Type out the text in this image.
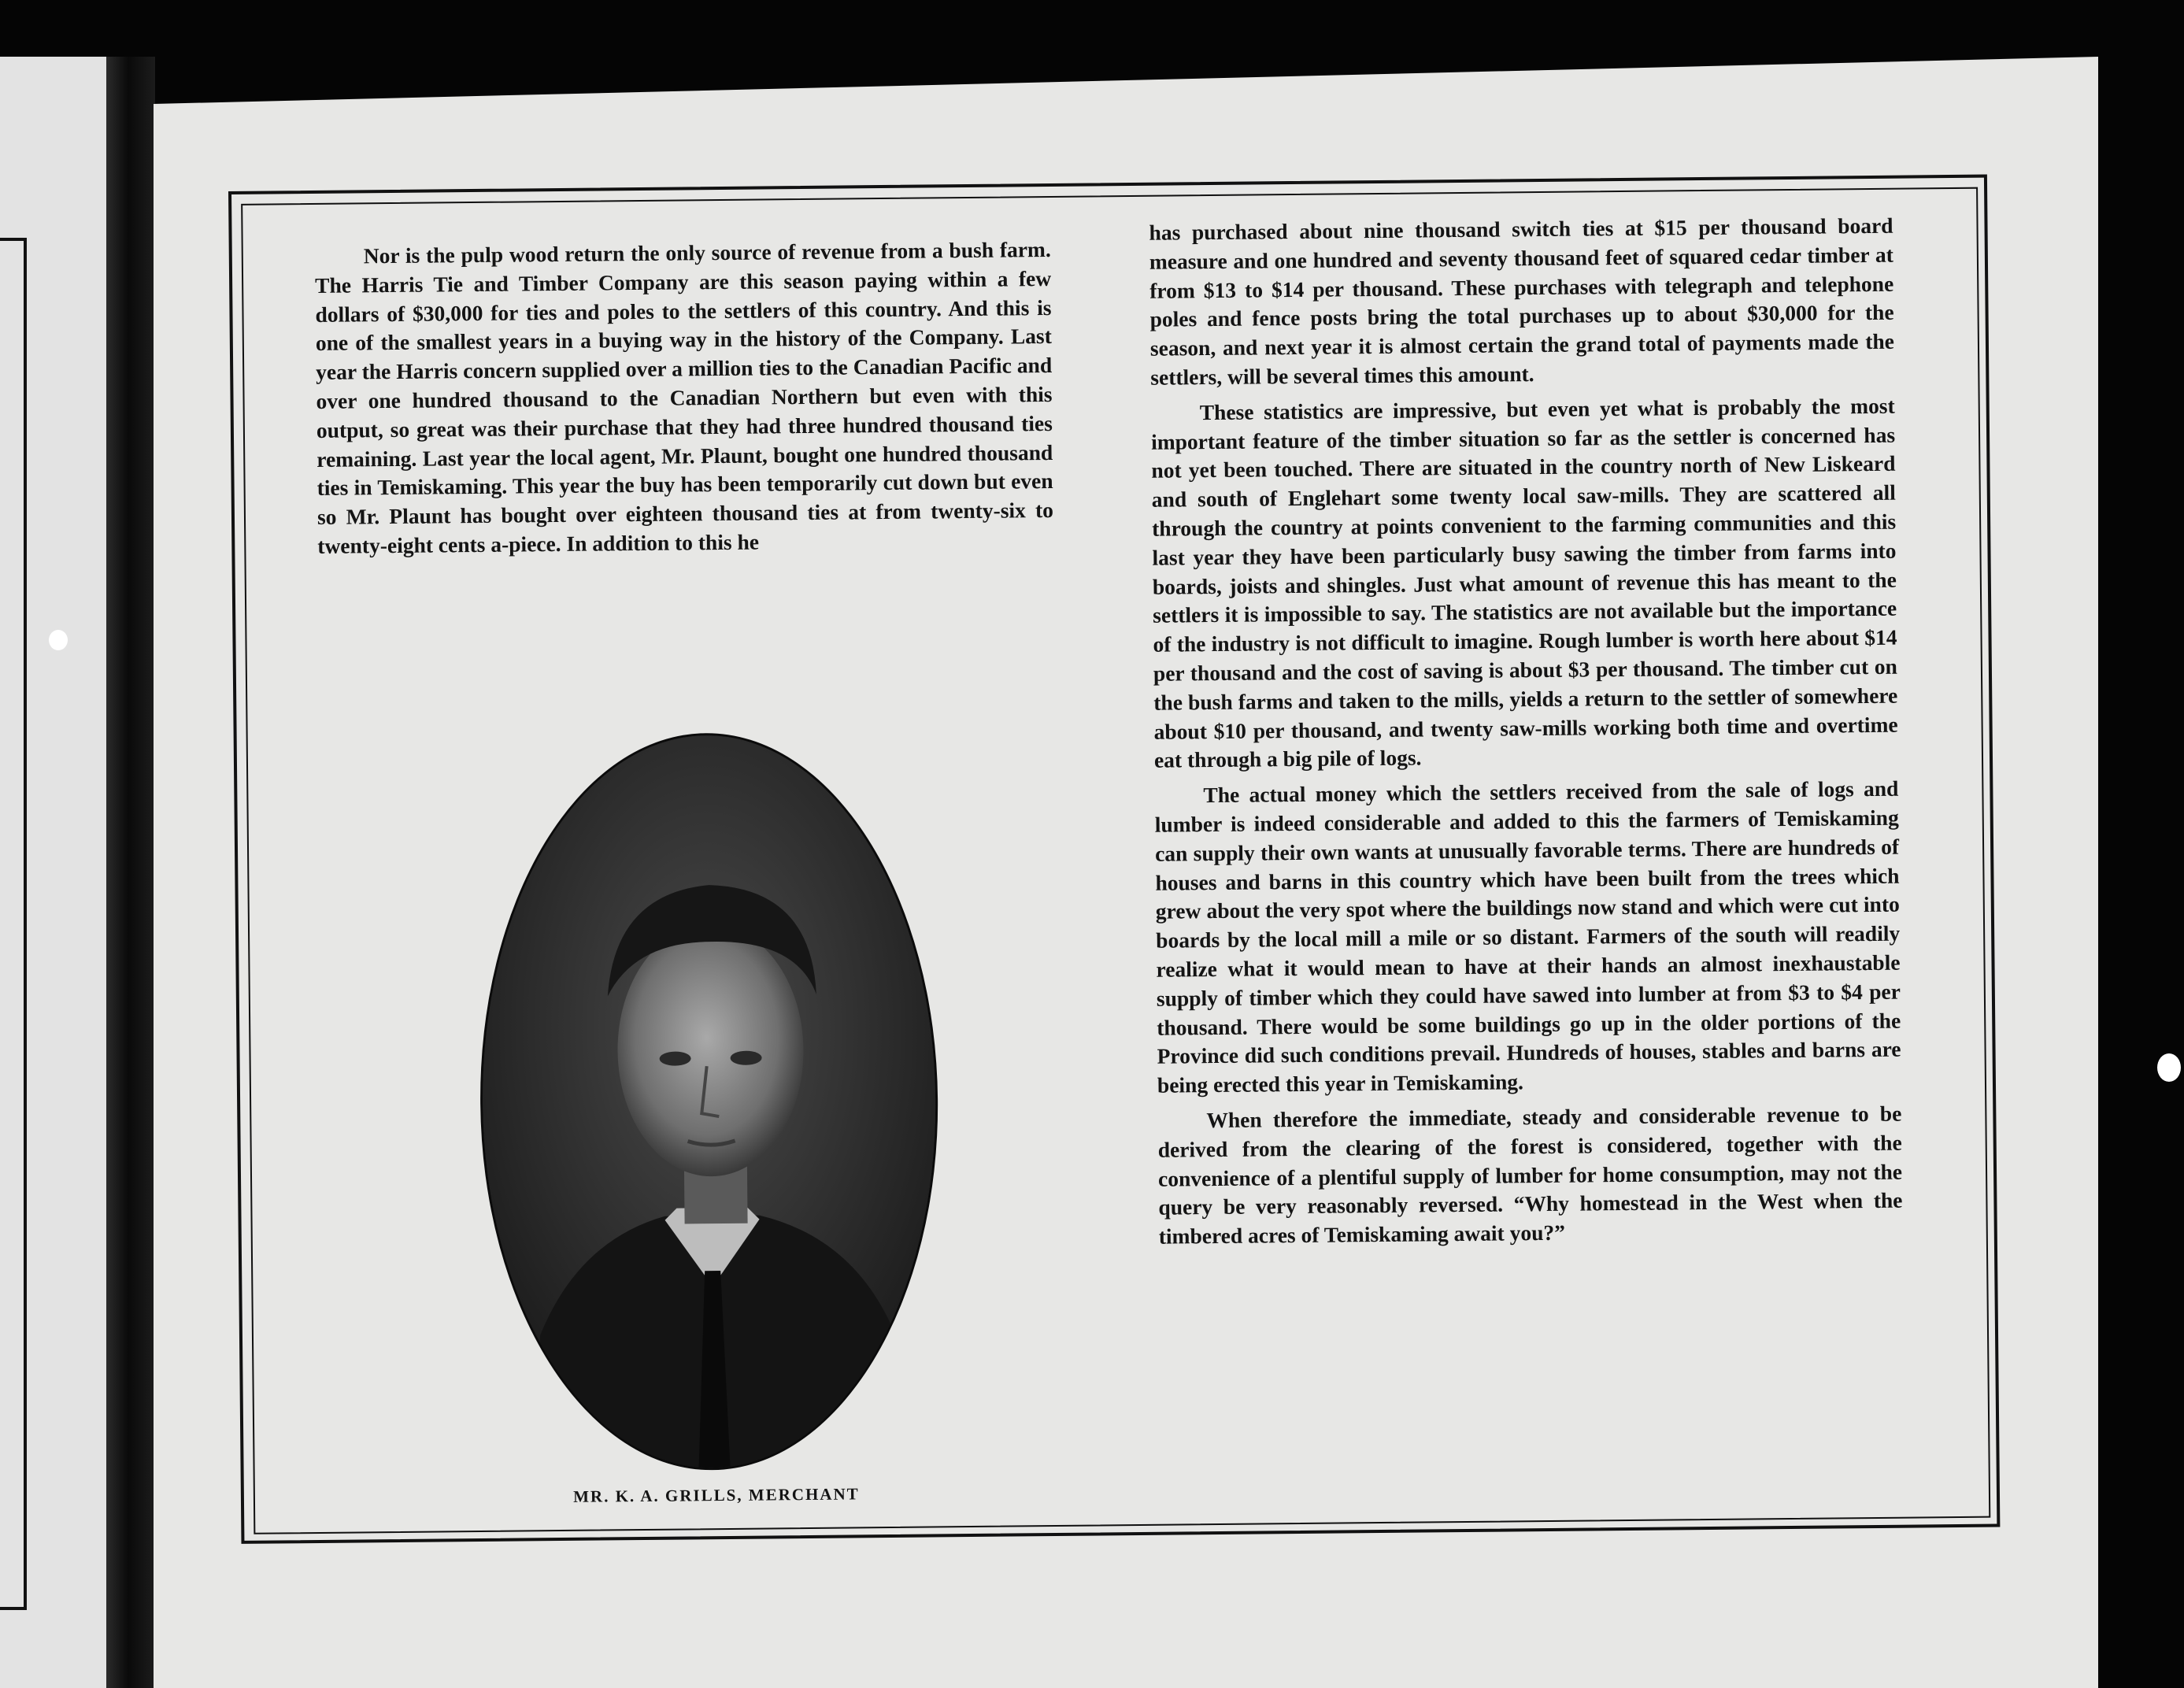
Nor is the pulp wood return the only source of revenue from a bush farm. The Harris Tie and Timber Company are this season paying within a few dollars of $30,000 for ties and poles to the settlers of this country. And this is one of the smallest years in a buying way in the history of the Company. Last year the Harris concern supplied over a million ties to the Canadian Pacific and over one hundred thousand to the Canadian Northern but even with this output, so great was their purchase that they had three hundred thousand ties remaining. Last year the local agent, Mr. Plaunt, bought one hundred thousand ties in Temiskaming. This year the buy has been temporarily cut down but even so Mr. Plaunt has bought over eighteen thousand ties at from twenty-six to twenty-eight cents a-piece. In addition to this he

MR. K. A. GRILLS, MERCHANT

has purchased about nine thousand switch ties at $15 per thousand board measure and one hundred and seventy thousand feet of squared cedar timber at from $13 to $14 per thousand. These purchases with telegraph and telephone poles and fence posts bring the total purchases up to about $30,000 for the season, and next year it is almost certain the grand total of payments made the settlers, will be several times this amount.

These statistics are impressive, but even yet what is probably the most important feature of the timber situation so far as the settler is concerned has not yet been touched. There are situated in the country north of New Liskeard and south of Englehart some twenty local saw-mills. They are scattered all through the country at points convenient to the farming communities and this last year they have been particularly busy sawing the timber from farms into boards, joists and shingles. Just what amount of revenue this has meant to the settlers it is impossible to say. The statistics are not available but the importance of the industry is not difficult to imagine. Rough lumber is worth here about $14 per thousand and the cost of saving is about $3 per thousand. The timber cut on the bush farms and taken to the mills, yields a return to the settler of somewhere about $10 per thousand, and twenty saw-mills working both time and overtime eat through a big pile of logs.

The actual money which the settlers received from the sale of logs and lumber is indeed considerable and added to this the farmers of Temiskaming can supply their own wants at unusually favorable terms. There are hundreds of houses and barns in this country which have been built from the trees which grew about the very spot where the buildings now stand and which were cut into boards by the local mill a mile or so distant. Farmers of the south will readily realize what it would mean to have at their hands an almost inexhaustable supply of timber which they could have sawed into lumber at from $3 to $4 per thousand. There would be some buildings go up in the older portions of the Province did such conditions prevail. Hundreds of houses, stables and barns are being erected this year in Temiskaming.

When therefore the immediate, steady and considerable revenue to be derived from the clearing of the forest is considered, together with the convenience of a plentiful supply of lumber for home consumption, may not the query be very reasonably reversed. “Why homestead in the West when the timbered acres of Temiskaming await you?”
